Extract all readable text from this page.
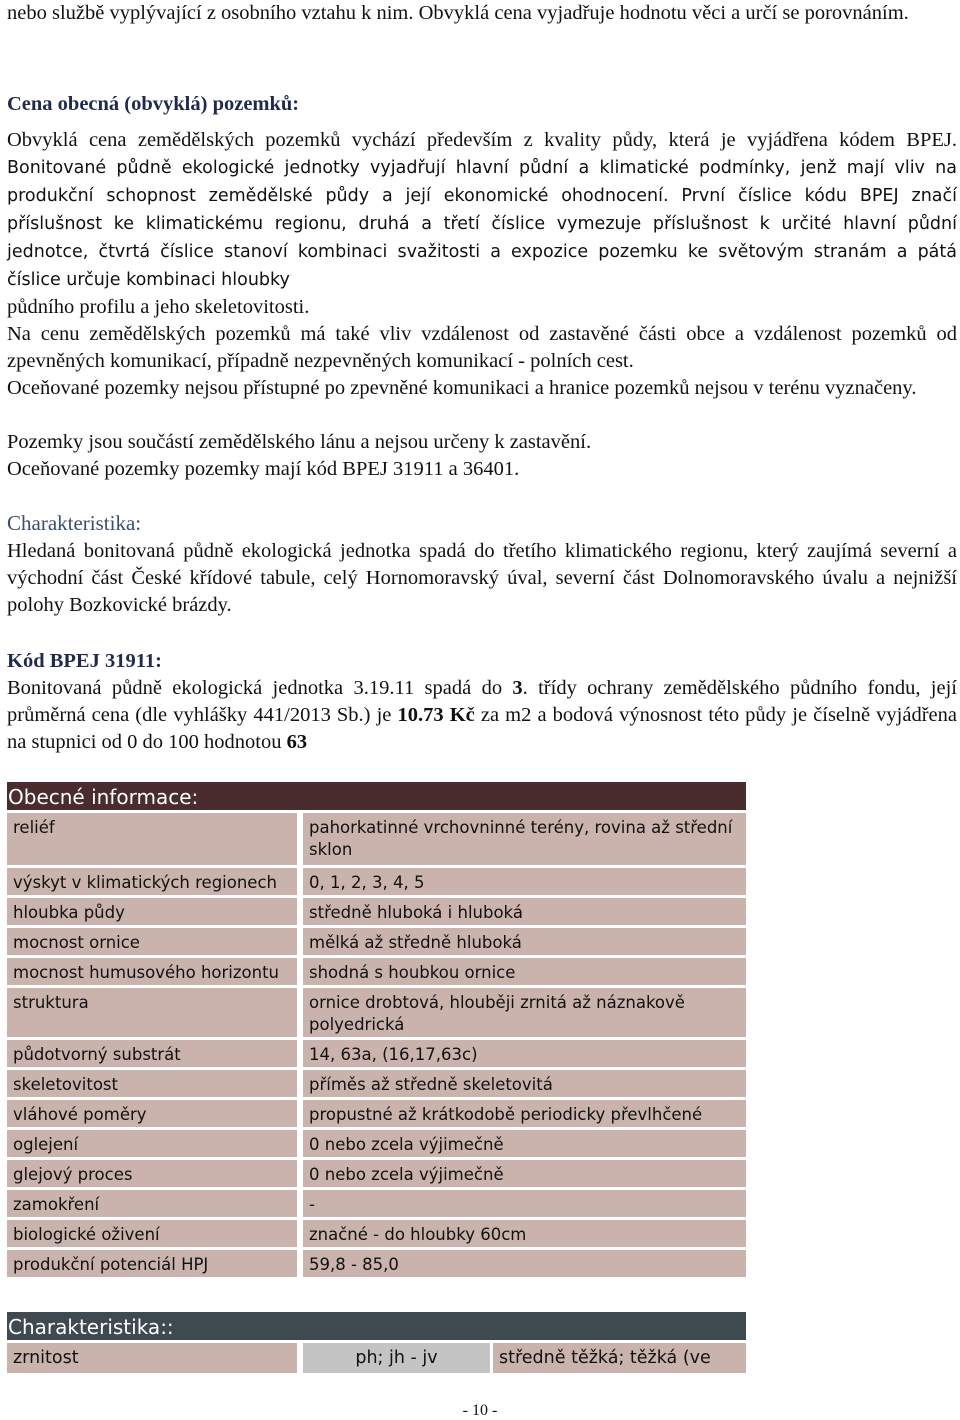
nebo službě vyplývající z osobního vztahu k nim. Obvyklá cena vyjadřuje hodnotu věci a určí se porovnáním.

Cena obecná (obvyklá) pozemků:

Obvyklá cena zemědělských pozemků vychází především z kvality půdy, která je vyjádřena kódem BPEJ. Bonitované půdně ekologické jednotky vyjadřují hlavní půdní a klimatické podmínky, jenž mají vliv na produkční schopnost zemědělské půdy a její ekonomické ohodnocení. První číslice kódu BPEJ značí příslušnost ke klimatickému regionu, druhá a třetí číslice vymezuje příslušnost k určité hlavní půdní jednotce, čtvrtá číslice stanoví kombinaci svažitosti a expozice pozemku ke světovým stranám a pátá číslice určuje kombinaci hloubky

půdního profilu a jeho skeletovitosti.

Na cenu zemědělských pozemků má také vliv vzdálenost od zastavěné části obce a vzdálenost pozemků od zpevněných komunikací, případně nezpevněných komunikací - polních cest.

Oceňované pozemky nejsou přístupné po zpevněné komunikaci a hranice pozemků nejsou v terénu vyznačeny.

Pozemky jsou součástí zemědělského lánu a nejsou určeny k zastavění.

Oceňované pozemky pozemky mají kód BPEJ 31911 a 36401.

Charakteristika:

Hledaná bonitovaná půdně ekologická jednotka spadá do třetího klimatického regionu, který zaujímá severní a východní část České křídové tabule, celý Hornomoravský úval, severní část Dolnomoravského úvalu a nejnižší polohy Bozkovické brázdy.

Kód BPEJ 31911:

Bonitovaná půdně ekologická jednotka 3.19.11 spadá do 3. třídy ochrany zemědělského půdního fondu, její průměrná cena (dle vyhlášky 441/2013 Sb.) je 10.73 Kč za m2 a bodová výnosnost této půdy je číselně vyjádřena na stupnici od 0 do 100 hodnotou 63

Obecné informace:
reliéf	pahorkatinné vrchovninné terény, rovina až střední sklon
výskyt v klimatických regionech	0, 1, 2, 3, 4, 5
hloubka půdy	středně hluboká i hluboká
mocnost ornice	mělká až středně hluboká
mocnost humusového horizontu	shodná s houbkou ornice
struktura	ornice drobtová, hlouběji zrnitá až náznakově polyedrická
půdotvorný substrát	14, 63a, (16,17,63c)
skeletovitost	příměs až středně skeletovitá
vláhové poměry	propustné až krátkodobě periodicky převlhčené
oglejení	0 nebo zcela výjimečně
glejový proces	0 nebo zcela výjimečně
zamokření	-
biologické oživení	značné - do hloubky 60cm
produkční potenciál HPJ	59,8 - 85,0
Charakteristika::
zrnitost	ph; jh - jv	středně těžká; těžká (ve
- 10 -
